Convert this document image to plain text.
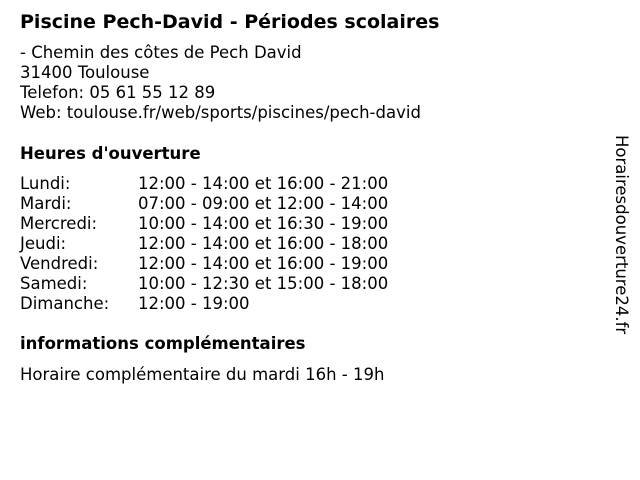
Piscine Pech-David - Périodes scolaires
- Chemin des côtes de Pech David
31400 Toulouse
Telefon: 05 61 55 12 89
Web: toulouse.fr/web/sports/piscines/pech-david
Heures d'ouverture
Lundi:	12:00 - 14:00 et 16:00 - 21:00
Mardi:	07:00 - 09:00 et 12:00 - 14:00
Mercredi:	10:00 - 14:00 et 16:30 - 19:00
Jeudi:	12:00 - 14:00 et 16:00 - 18:00
Vendredi:	12:00 - 14:00 et 16:00 - 19:00
Samedi:	10:00 - 12:30 et 15:00 - 18:00
Dimanche:	12:00 - 19:00
informations complémentaires
Horaire complémentaire du mardi 16h - 19h
Horairesdouverture24.fr
